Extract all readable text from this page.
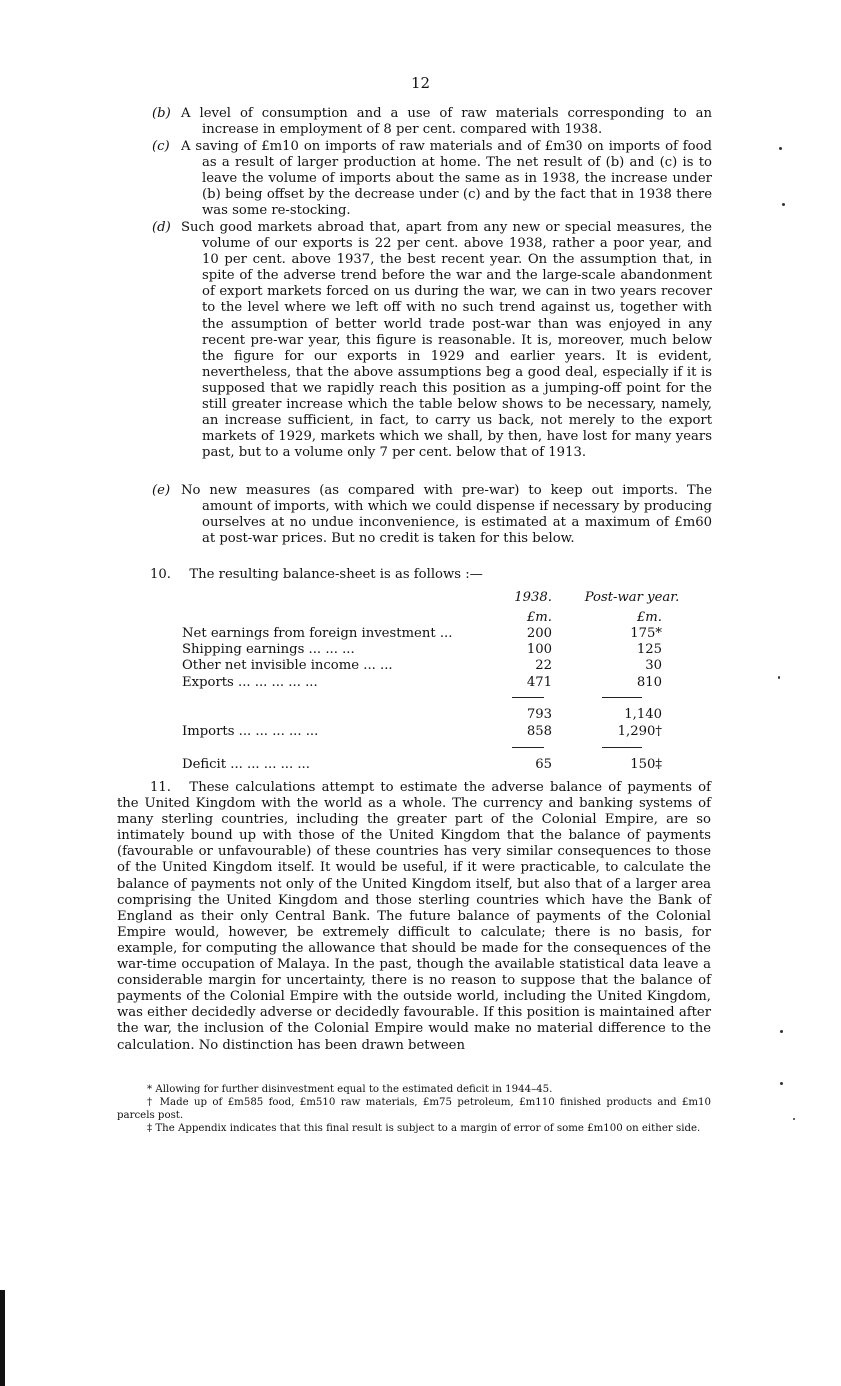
12
(b) A level of consumption and a use of raw materials corresponding to an increase in employment of 8 per cent. compared with 1938.
(c) A saving of £m10 on imports of raw materials and of £m30 on imports of food as a result of larger production at home. The net result of (b) and (c) is to leave the volume of imports about the same as in 1938, the increase under (b) being offset by the decrease under (c) and by the fact that in 1938 there was some re-stocking.
(d) Such good markets abroad that, apart from any new or special measures, the volume of our exports is 22 per cent. above 1938, rather a poor year, and 10 per cent. above 1937, the best recent year. On the assumption that, in spite of the adverse trend before the war and the large-scale abandonment of export markets forced on us during the war, we can in two years recover to the level where we left off with no such trend against us, together with the assumption of better world trade post-war than was enjoyed in any recent pre-war year, this figure is reasonable. It is, moreover, much below the figure for our exports in 1929 and earlier years. It is evident, nevertheless, that the above assumptions beg a good deal, especially if it is supposed that we rapidly reach this position as a jumping-off point for the still greater increase which the table below shows to be necessary, namely, an increase sufficient, in fact, to carry us back, not merely to the export markets of 1929, markets which we shall, by then, have lost for many years past, but to a volume only 7 per cent. below that of 1913.
(e) No new measures (as compared with pre-war) to keep out imports. The amount of imports, with which we could dispense if necessary by producing ourselves at no undue inconvenience, is estimated at a maximum of £m60 at post-war prices. But no credit is taken for this below.
10. The resulting balance-sheet is as follows :—
1938.	Post-war year.
£m.	£m.
Net earnings from foreign investment ...	200	175*
Shipping earnings ... ... ...	100	125
Other net invisible income ... ...	22	30
Exports ... ... ... ... ...	471	810
793	1,140
Imports ... ... ... ... ...	858	1,290†
Deficit ... ... ... ... ...	65	150‡
11. These calculations attempt to estimate the adverse balance of payments of the United Kingdom with the world as a whole. The currency and banking systems of many sterling countries, including the greater part of the Colonial Empire, are so intimately bound up with those of the United Kingdom that the balance of payments (favourable or unfavourable) of these countries has very similar consequences to those of the United Kingdom itself. It would be useful, if it were practicable, to calculate the balance of payments not only of the United Kingdom itself, but also that of a larger area comprising the United Kingdom and those sterling countries which have the Bank of England as their only Central Bank. The future balance of payments of the Colonial Empire would, however, be extremely difficult to calculate; there is no basis, for example, for computing the allowance that should be made for the consequences of the war-time occupation of Malaya. In the past, though the available statistical data leave a considerable margin for uncertainty, there is no reason to suppose that the balance of payments of the Colonial Empire with the outside world, including the United Kingdom, was either decidedly adverse or decidedly favourable. If this position is maintained after the war, the inclusion of the Colonial Empire would make no material difference to the calculation. No distinction has been drawn between
* Allowing for further disinvestment equal to the estimated deficit in 1944–45.
† Made up of £m585 food, £m510 raw materials, £m75 petroleum, £m110 finished products and £m10 parcels post.
‡ The Appendix indicates that this final result is subject to a margin of error of some £m100 on either side.
